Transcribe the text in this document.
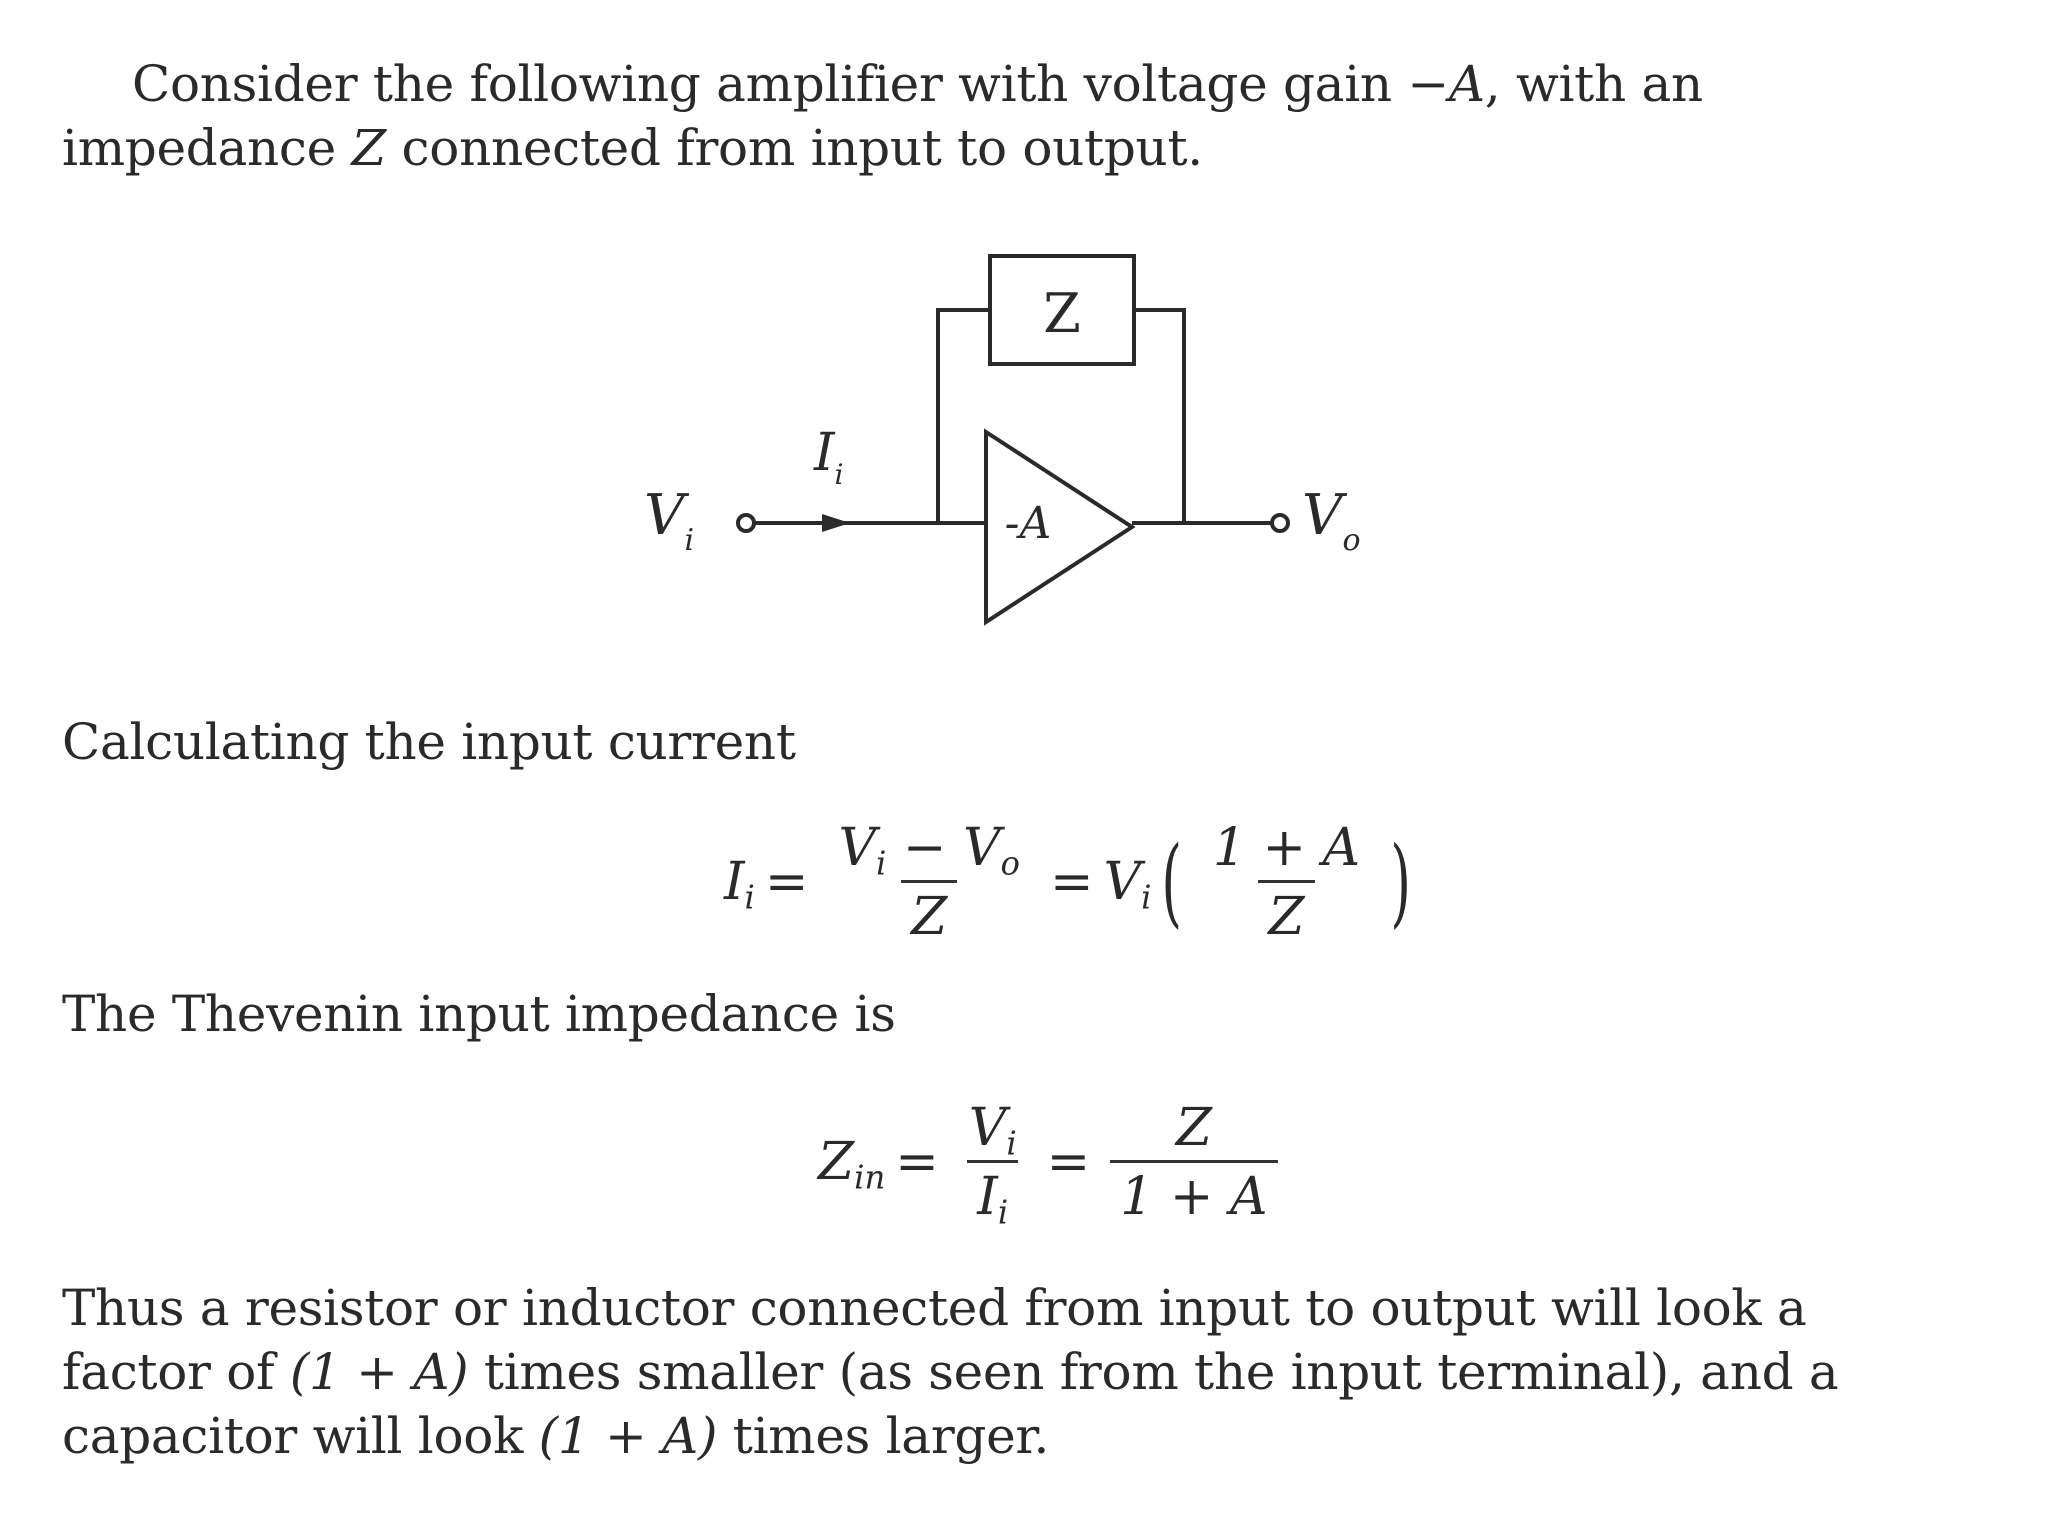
Consider the following amplifier with voltage gain −A, with an impedance Z connected from input to output.

Z
-A
$V_i$	$V_o$
$I_i$

Calculating the input current

$I_i = \frac{V_i - V_o}{Z} = V_i$ ( $\frac{1 + A}{Z}$ )

The Thevenin input impedance is

$Z_{in} = \frac{V_i}{I_i} = \frac{Z}{1 + A}$

Thus a resistor or inductor connected from input to output will look a factor of (1 + A) times smaller (as seen from the input terminal), and a capacitor will look (1 + A) times larger.
